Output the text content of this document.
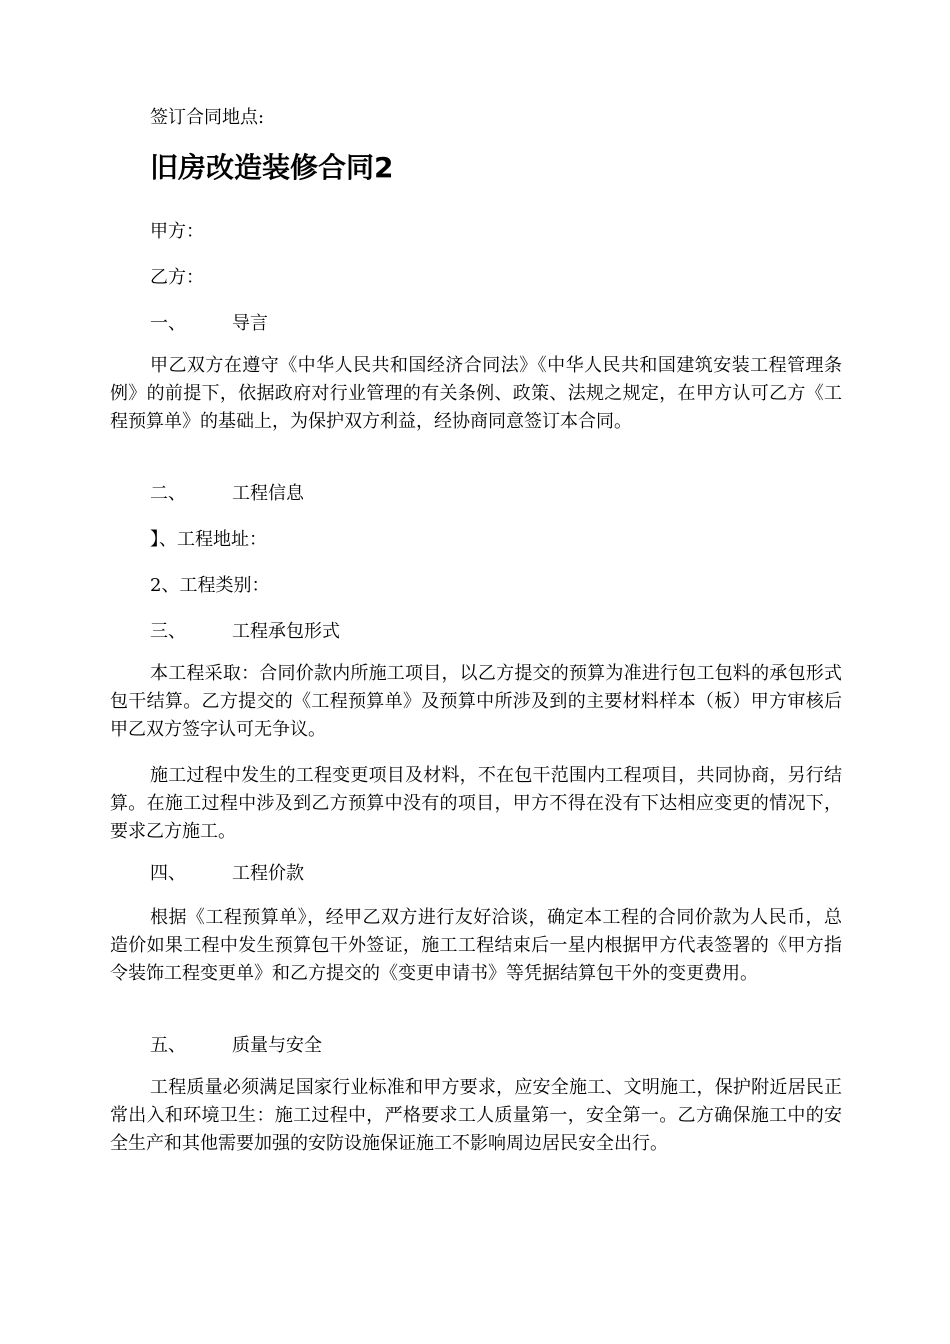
签订合同地点:
旧房改造装修合同2
甲方：
乙方：
一、	导言
甲乙双方在遵守《中华人民共和国经济合同法》《中华人民共和国建筑安装工程管理条例》的前提下，依据政府对行业管理的有关条例、政策、法规之规定，在甲方认可乙方《工程预算单》的基础上，为保护双方利益，经协商同意签订本合同。
二、	工程信息
】、工程地址：
2、工程类别：
三、	工程承包形式
本工程采取：合同价款内所施工项目，以乙方提交的预算为准进行包工包料的承包形式包干结算。乙方提交的《工程预算单》及预算中所涉及到的主要材料样本（板）甲方审核后甲乙双方签字认可无争议。
施工过程中发生的工程变更项目及材料，不在包干范围内工程项目，共同协商，另行结算。在施工过程中涉及到乙方预算中没有的项目，甲方不得在没有下达相应变更的情况下，要求乙方施工。
四、	工程价款
根据《工程预算单》，经甲乙双方进行友好洽谈，确定本工程的合同价款为人民币，总造价如果工程中发生预算包干外签证，施工工程结束后一星内根据甲方代表签署的《甲方指令装饰工程变更单》和乙方提交的《变更申请书》等凭据结算包干外的变更费用。
五、	质量与安全
工程质量必须满足国家行业标准和甲方要求，应安全施工、文明施工，保护附近居民正常出入和环境卫生：施工过程中，严格要求工人质量第一，安全第一。乙方确保施工中的安全生产和其他需要加强的安防设施保证施工不影响周边居民安全出行。
